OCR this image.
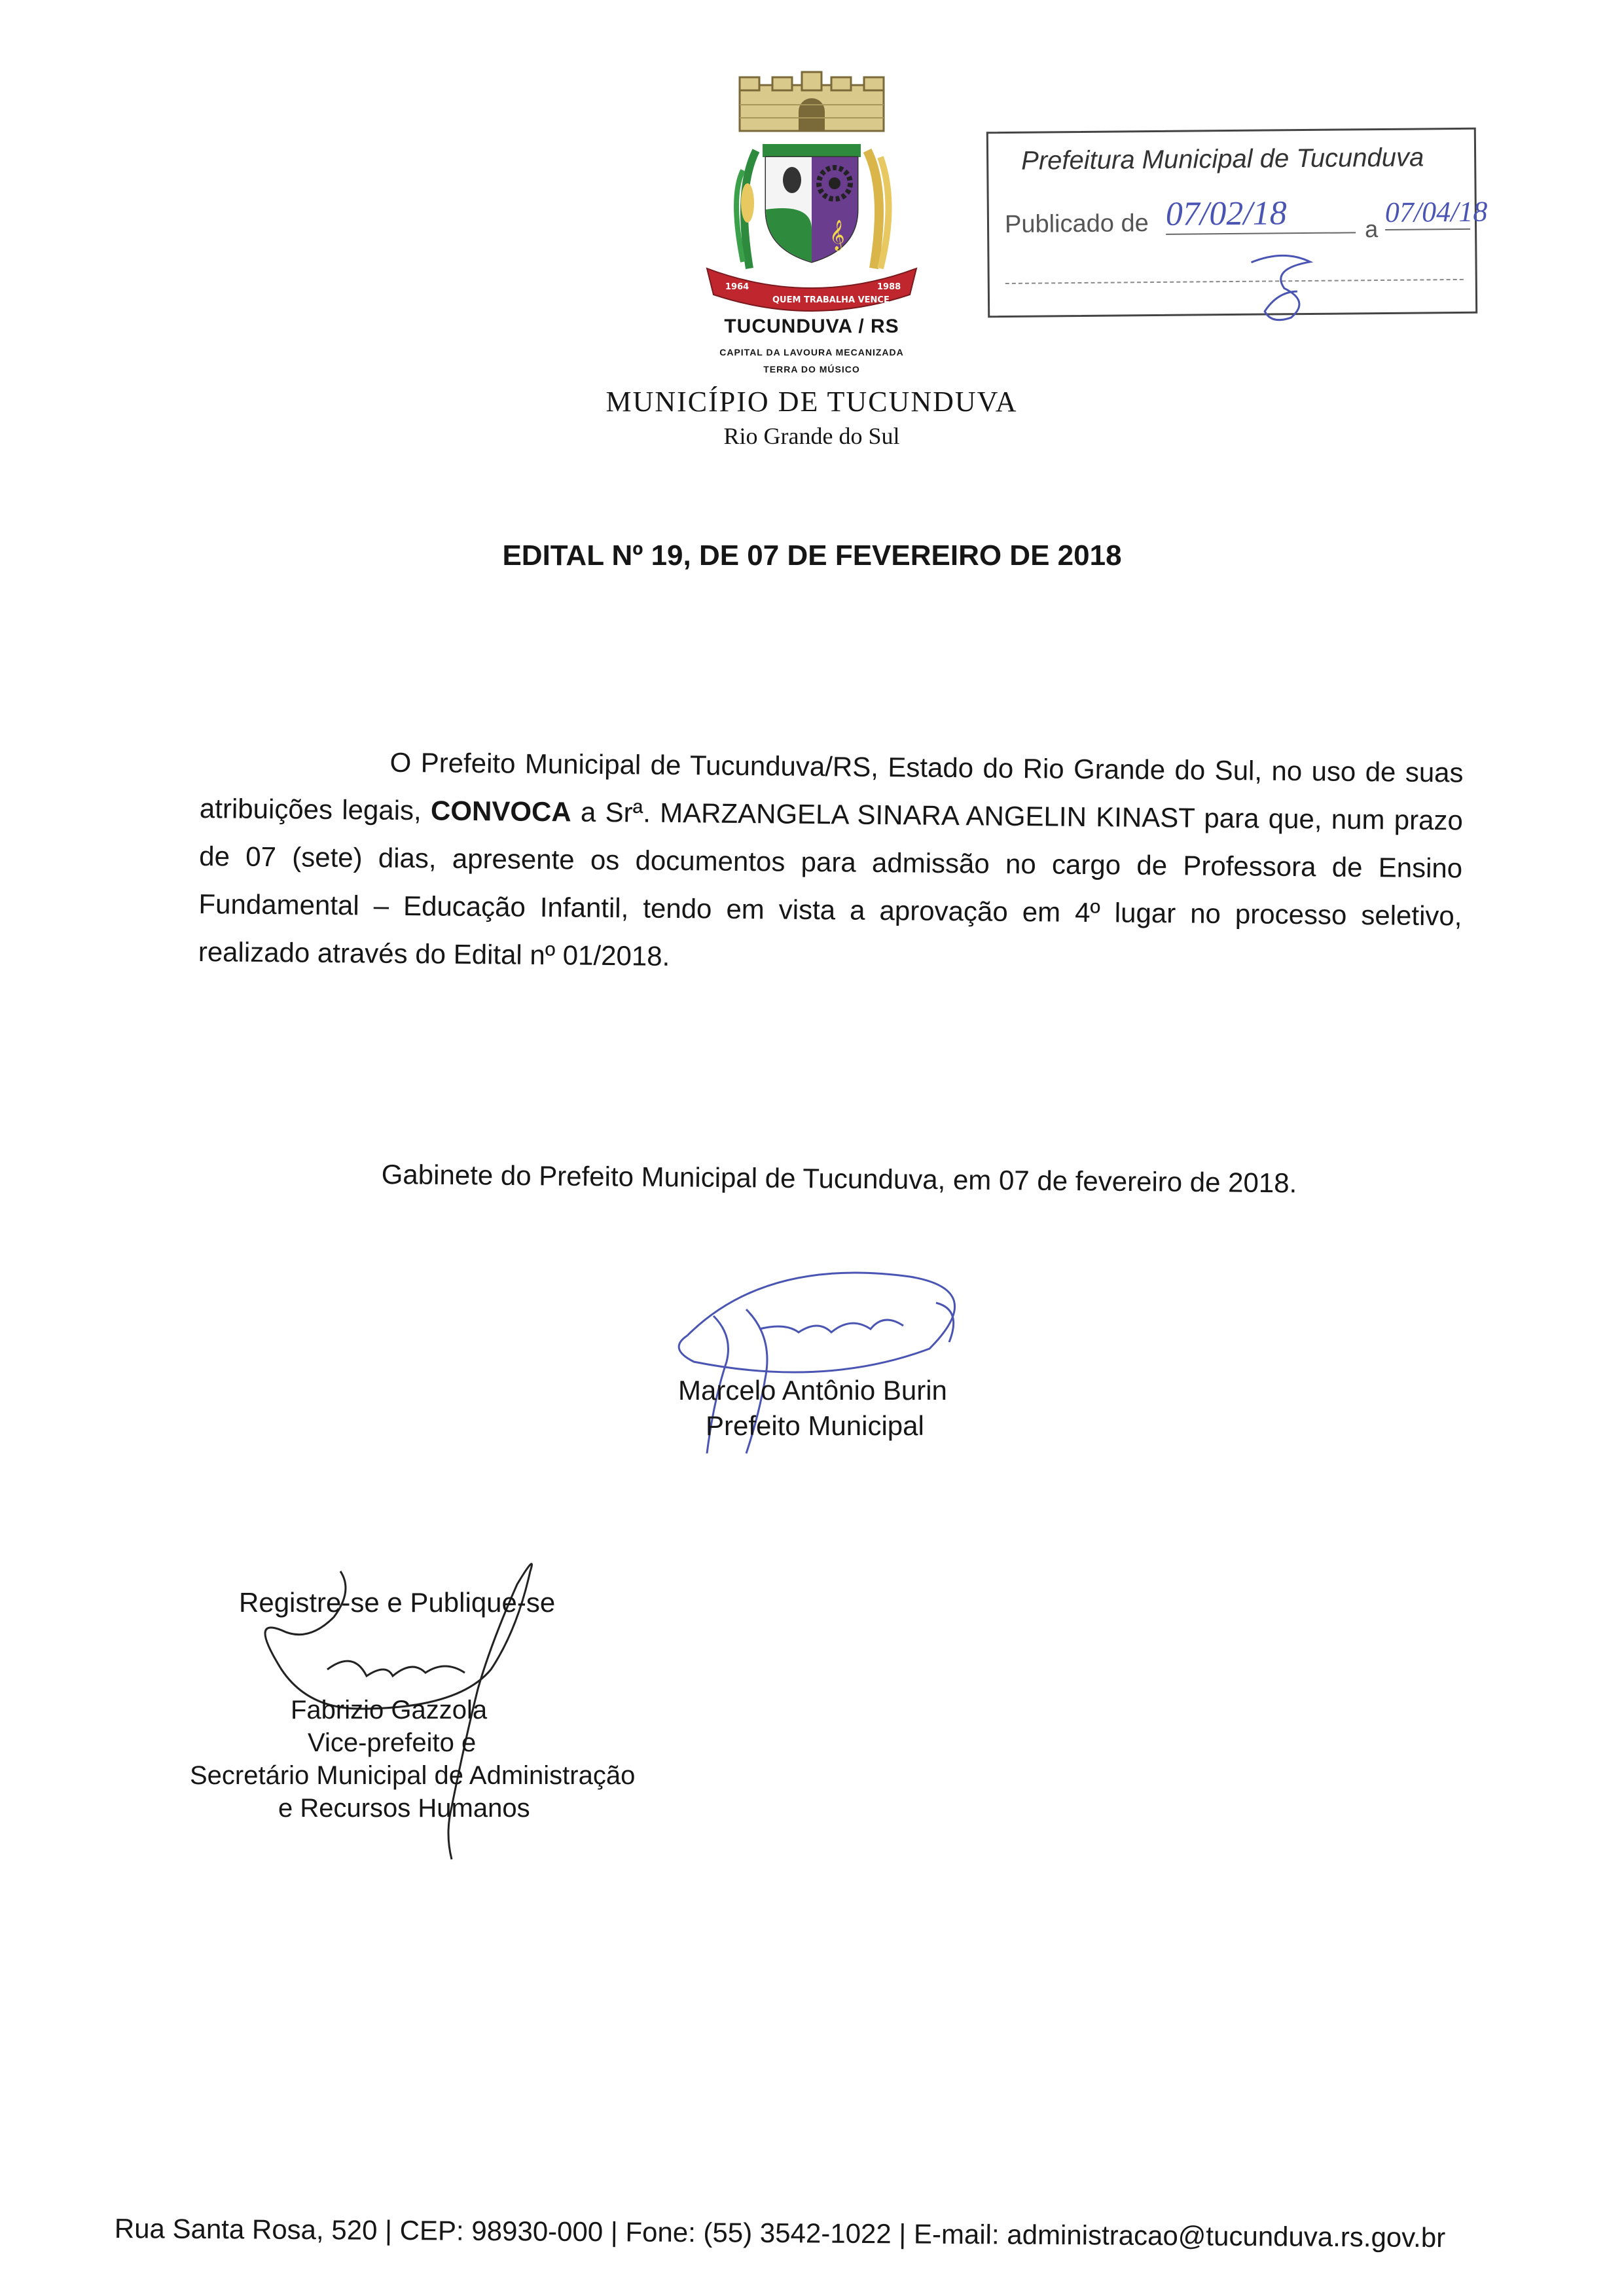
𝄞
1964
QUEM TRABALHA VENCE
1988
TUCUNDUVA / RS
CAPITAL DA LAVOURA MECANIZADA
TERRA DO MÚSICO
MUNICÍPIO DE TUCUNDUVA
Rio Grande do Sul
Prefeitura Municipal de Tucunduva
Publicado de 07/02/18	a
07/04/18
EDITAL Nº 19, DE 07 DE FEVEREIRO DE 2018

O Prefeito Municipal de Tucunduva/RS, Estado do Rio Grande do Sul, no uso de suas atribuições legais, CONVOCA a Srª. MARZANGELA SINARA ANGELIN KINAST para que, num prazo de 07 (sete) dias, apresente os documentos para admissão no cargo de Professora de Ensino Fundamental – Educação Infantil, tendo em vista a aprovação em 4º lugar no processo seletivo, realizado através do Edital nº 01/2018.

Gabinete do Prefeito Municipal de Tucunduva, em 07 de fevereiro de 2018.
Marcelo Antônio Burin
Prefeito Municipal
Registre-se e Publique-se
Fabrizio Gazzola
Vice-prefeito e
Secretário Municipal de Administração
e Recursos Humanos
Rua Santa Rosa, 520 | CEP: 98930-000 | Fone: (55) 3542-1022 | E-mail: administracao@tucunduva.rs.gov.br
